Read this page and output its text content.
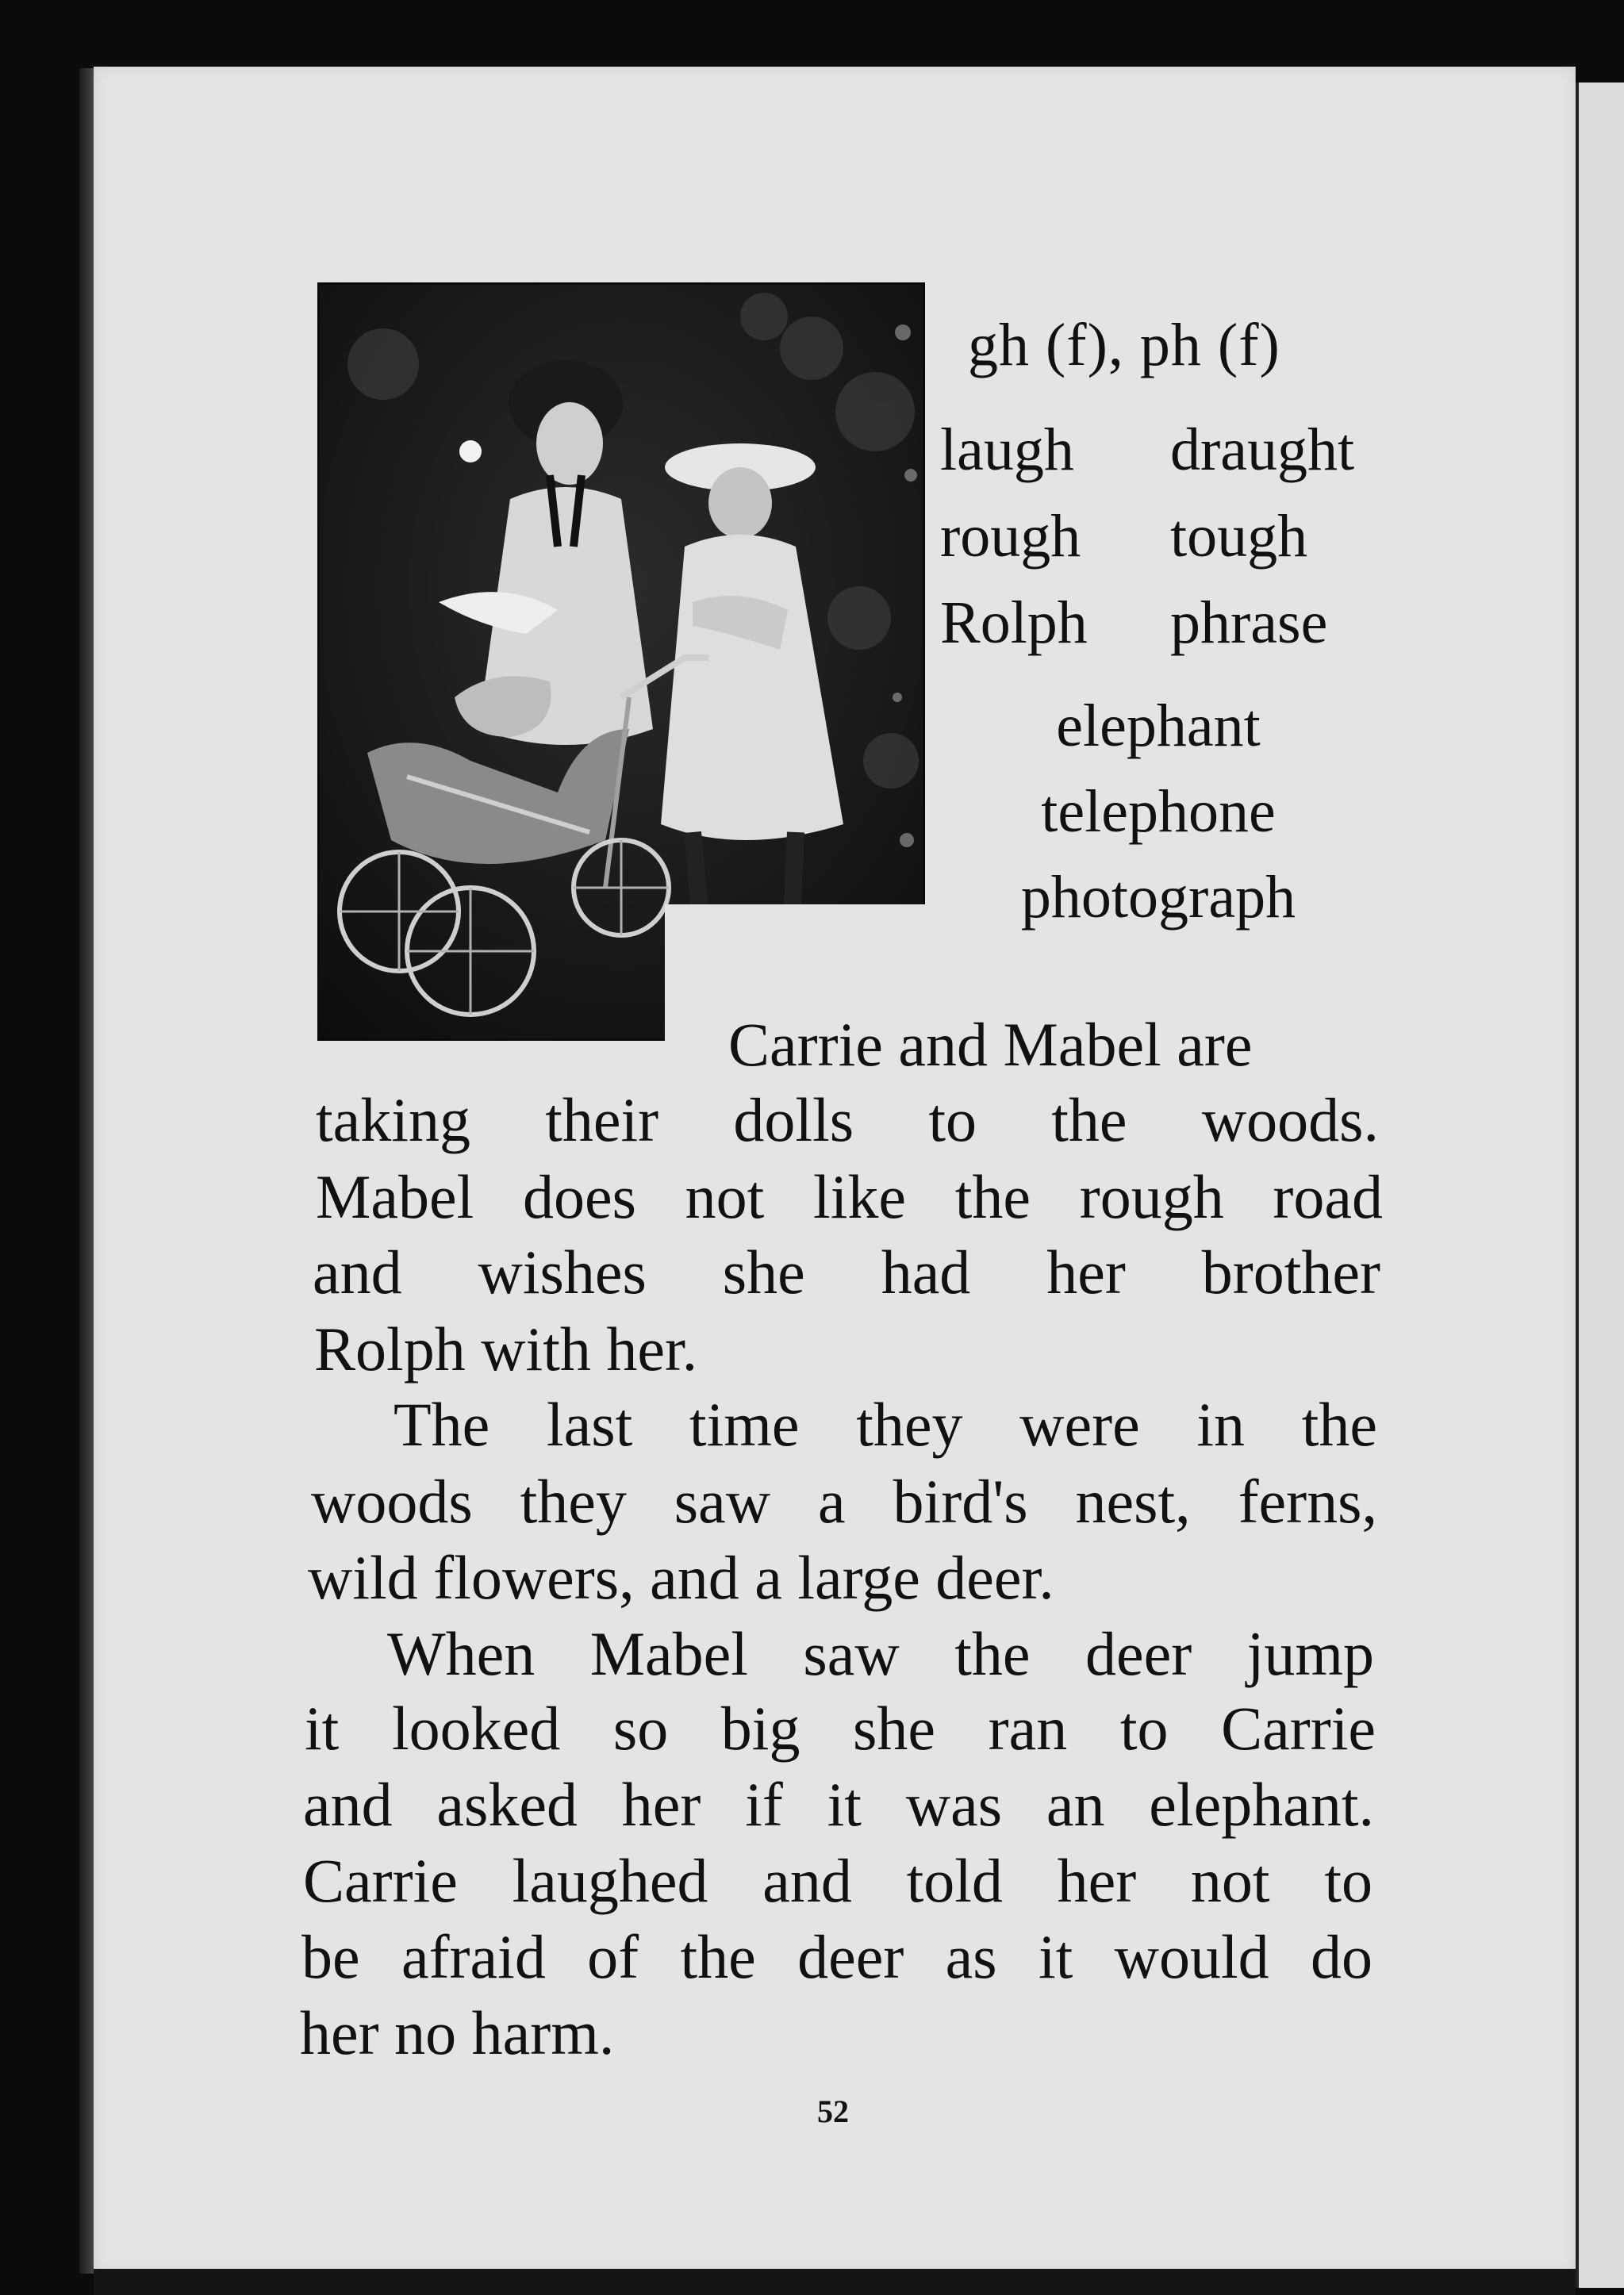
gh (f), ph (f)
laugh draught
rough tough
Rolph phrase
elephant
telephone
photograph
Carrie and Mabel are
taking their dolls to the woods.
Mabel does not like the rough road
and wishes she had her brother
Rolph with her.
The last time they were in the
woods they saw a bird's nest, ferns,
wild flowers, and a large deer.
When Mabel saw the deer jump
it looked so big she ran to Carrie
and asked her if it was an elephant.
Carrie laughed and told her not to
be afraid of the deer as it would do
her no harm.
52
